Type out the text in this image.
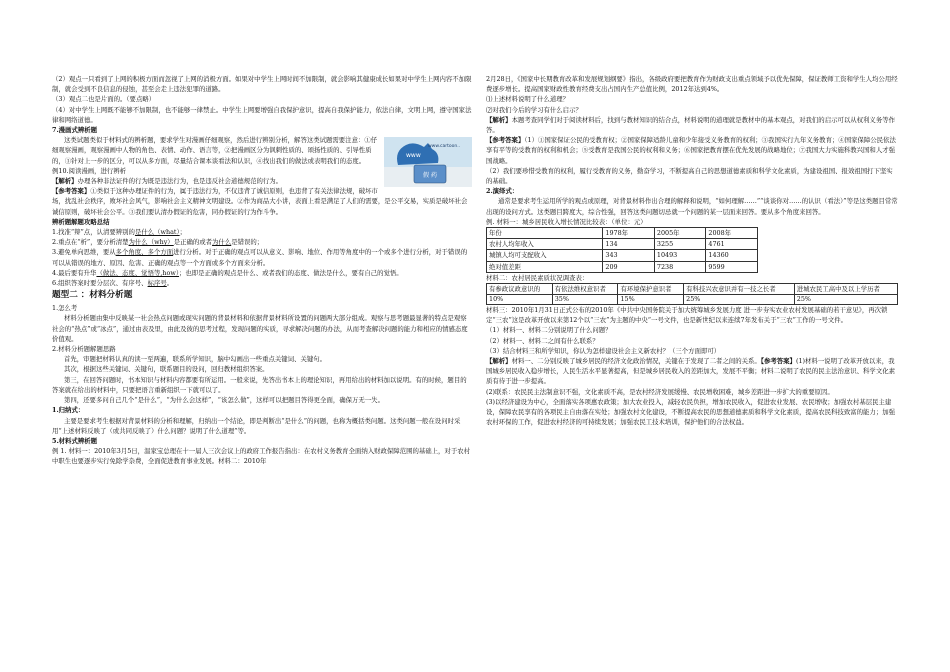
（2）观点一只看到了上网的积极方面而忽视了上网的消极方面。如果对中学生上网时间不加限制，就会影响其健康成长如果对中学生上网内容不加限制，就会受到不良信息的侵蚀，甚至会走上违法犯罪的道路。

（3）观点二也是片面的。（要点略）

（4）对中学生上网既不能够不加限制，也不能够一律禁止。中学生上网要增强自我保护意识，提高自我保护能力，依法自律，文明上网，遵守国家法律和网络道德。

7.漫画式辨析题

www
假 药
www.cartoon..

这类试题类似于材料式的辨析题，要求学生对漫画仔细观察，然后进行辨别分析，解答这类试题需要注意：①仔细观察漫画，观察漫画中人物的角色、表情、动作、语言等，②把漫画区分为讽刺性质的、颂扬性质的、引导性质的，③针对上一步的区分，可以从多方面，尽量结合课本谈看法和认识，④找出我们的做法或表明我们的态度。

例10.阅读漫画，进行辨析

【解析】办理各种非法证件的行为既是违法行为，也是违反社会道德规范的行为。

【参考答案】①类似于这种办理证件的行为，属于违法行为，不仅违背了诚信原则，也违背了有关法律法规，破坏市场，扰乱社会秩序，败坏社会风气，影响社会主义精神文明建设。②作为商品大小讲，表面上看是满足了人们的需要，是公平交易，实质是破坏社会诚信原则，破坏社会公平。③我们要认清办假证的危害，同办假证的行为作斗争。

辨析题解题攻略总结

1.找准“辩”点，认清要辨别的是什么（what）；

2.重点在“析”，要分析清楚为什么（why）是正确的或者为什么是错误的；

3.避免单向思维，要从多个角度、多个方面进行分析。对于正确的观点可以从意义、影响、地位、作用等角度中的一个或多个进行分析，对于错误的可以从错误的地方、原因、危害、正确的观点等一个方面或多个方面来分析。

4.最后要有升华（做法、态度、觉悟等,how）；也即是正确的观点是什么、或者我们的态度、做法是什么，要有自己的觉悟。

6.组织答案时要分层次、有序号、标序号。

题型二 ：材料分析题

1.怎么考

材料分析题由集中反映某一社会热点问题或现实问题的背景材料和依据背景材料所设置的问题两大部分组成。观察与思考题最显著的特点是观察社会的“热点”或“冰点”，通过由表及里，由此及彼的思考过程，发现问题的实质，寻求解决问题的办法，从而考查解决问题的能力和相应的情感态度价值观。

2.材料分析题解题思路

首先，审题把材料认真的读一至两遍，联系所学知识，脑中勾画出一些重点关键词、关键句。

其次，根据这些关键词、关键句，联系题目的设问，回归教材组织答案。

第三，在回答问题时，书本知识与材料内容都要有所运用。一般来说，先答出书本上的理论知识，再用给出的材料加以说明。有的时候，题目的答案就在给出的材料中，只要把语言重新组织一下就可以了。

第四，还要多问自己几个“是什么”，“为什么会这样”，“该怎么做”，这样可以把题目答得更全面，确保万无一失。

1.归纳式：

主要是要求考生根据对背景材料的分析和理解，归纳出一个结论，即是判断出“是什么”的问题，也称为概括类问题。这类问题一般在设问时采用“上述材料反映了（或共同反映了）什么问题？说明了什么道理”等。

5.材料式辨析题

例 1. 材料一：2010年3月5日，温家宝总理在十一届人三次会议上的政府工作报告指出：在农村义务教育全面纳入财政保障范围的基础上，对于农村中职生也要逐步实行免除学杂费，全面促进教育事业发展。材料二：2010年

2月28日，《国家中长期教育改革和发展规划纲要》指出，各级政府要把教育作为财政支出重点领域予以优先保障，保证教师工资和学生人均公用经费逐步增长。提高国家财政性教育经费支出占国内生产总值比例，2012年达到4%。

⑴上述材料说明了什么道理？

⑵对我们今后的学习有什么启示？

【解析】本题考查同学们对于阅读材料后，找到与教材知识的结合点，材料说明的道理就是教材中的基本观点，对我们的启示可以从权利义务等作答。

【参考答案】（1）①国家保证公民的受教育权；②国家保障适龄儿童和少年接受义务教育的权利；③我国实行九年义务教育；④国家保障公民依法享有平等的受教育的权利和机会；⑤受教育是我国公民的权利和义务；⑥国家把教育摆在优先发展的战略地位；⑦我国大力实施科教兴国和人才强国战略。

（2）我们要珍惜受教育的权利，履行受教育的义务，勤奋学习，不断提高自己的思想道德素质和科学文化素质，为建设祖国、报效祖国打下坚实的基础。

2.演绎式：

通常是要求考生运用所学的观点或原理，对背景材料作出合理的解释和说明，“如何理解……”“谈谈你对……的认识（看法）”等是这类题目常常出现的设问方式。这类题目跨度大，综合性强，回答这类问题切忌就一个问题的某一层面来回答。要从多个角度来回答。

例. 材料一：城乡居民收入增长情况比较表：（单位：元）

年份	1978年	2005年	2008年
农村人均年收入	134	3255	4761
城镇人均可支配收入	343	10493	14360
绝对值差距	209	7238	9599

材料二：农村居民素质状况调查表：

有参政议政意识的	有依法维权意识者	有环境保护意识者	有科技兴农意识并有一技之长者	进城农民工高中及以上学历者
10%	35%	15%	25%	25%

材料三：2010年1月31日正式公布的2010年《中共中央国务院关于加大统筹城乡发展力度 进一步夯实农业农村发展基础的若干意见》，再次锁定“三农”这是改革开放以来第12个以“三农”为主题的中央“一号文件，也是新世纪以来连续7年发布关于“三农”工作的一号文件。

（1）材料一、材料二分别说明了什么问题？

（2）材料一、材料二之间有什么联系？

（3）结合材料三和所学知识，你认为怎样建设社会主义新农村？（三个方面即可）

【解析】材料一、二分别反映了城乡居民的经济文化政治情况，关键在于发现了二者之间的关系。【参考答案】(1)材料一说明了改革开放以来，我国城乡居民收入稳步增长，人民生活水平显著提高，但是城乡居民收入的差距加大，发展不平衡；材料二说明了农民的民主法治意识、科学文化素质有待于进一步提高。

(2)联系：农民民主法制意识不强，文化素质不高，是农村经济发展缓慢、农民增收困难，城乡差距进一步扩大的重要原因。

(3)以经济建设为中心，全面落实各项惠农政策；加大农业投入，减轻农民负担，增加农民收入，促进农业发展、农民增收；加强农村基层民主建设，保障农民享有的各项民主自由落在实处；加强农村文化建设，不断提高农民的思想道德素质和科学文化素质，提高农民科技致富的能力；加强农村环保的工作，促进农村经济的可持续发展；加强农民工技术培训，保护他们的合法权益。
